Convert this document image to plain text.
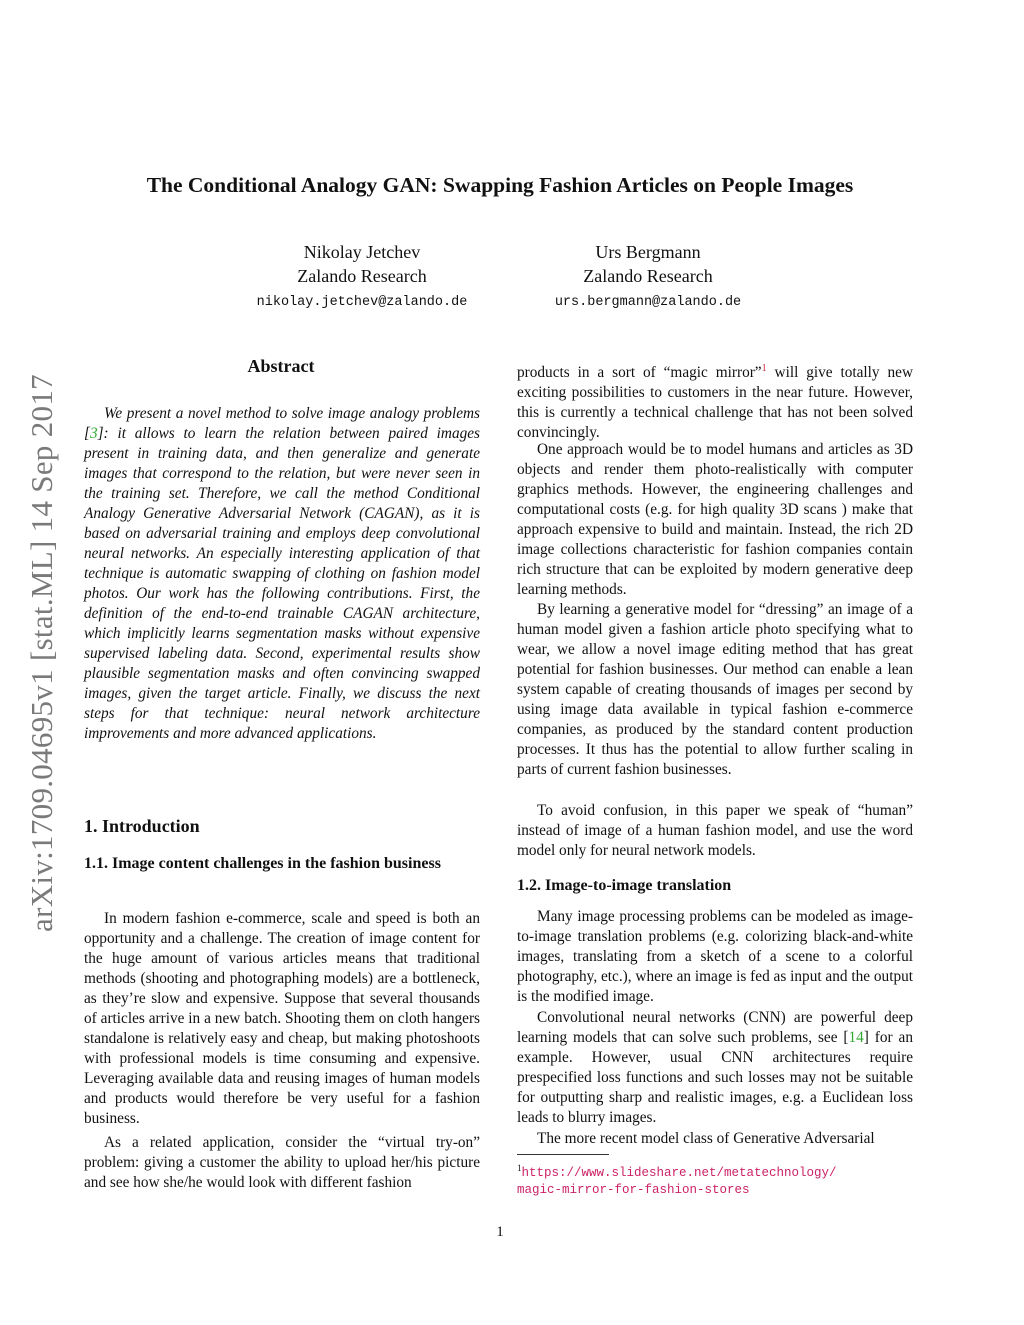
arXiv:1709.04695v1 [stat.ML] 14 Sep 2017
The Conditional Analogy GAN: Swapping Fashion Articles on People Images
Nikolay Jetchev
Zalando Research
nikolay.jetchev@zalando.de
Urs Bergmann
Zalando Research
urs.bergmann@zalando.de
Abstract

We present a novel method to solve image analogy problems [3]: it allows to learn the relation between paired images present in training data, and then generalize and generate images that correspond to the relation, but were never seen in the training set. Therefore, we call the method Conditional Analogy Generative Adversarial Network (CAGAN), as it is based on adversarial training and employs deep convolutional neural networks. An especially interesting application of that technique is automatic swapping of clothing on fashion model photos. Our work has the following contributions. First, the definition of the end-to-end trainable CAGAN architecture, which implicitly learns segmentation masks without expensive supervised labeling data. Second, experimental results show plausible segmentation masks and often convincing swapped images, given the target article. Finally, we discuss the next steps for that technique: neural network architecture improvements and more advanced applications.

1. Introduction
1.1. Image content challenges in the fashion business

In modern fashion e-commerce, scale and speed is both an opportunity and a challenge. The creation of image content for the huge amount of various articles means that traditional methods (shooting and photographing models) are a bottleneck, as they’re slow and expensive. Suppose that several thousands of articles arrive in a new batch. Shooting them on cloth hangers standalone is relatively easy and cheap, but making photoshoots with professional models is time consuming and expensive. Leveraging available data and reusing images of human models and products would therefore be very useful for a fashion business.

As a related application, consider the “virtual try-on” problem: giving a customer the ability to upload her/his picture and see how she/he would look with different fashion

products in a sort of “magic mirror”$^1$ will give totally new exciting possibilities to customers in the near future. However, this is currently a technical challenge that has not been solved convincingly.

One approach would be to model humans and articles as 3D objects and render them photo-realistically with computer graphics methods. However, the engineering challenges and computational costs (e.g. for high quality 3D scans ) make that approach expensive to build and maintain. Instead, the rich 2D image collections characteristic for fashion companies contain rich structure that can be exploited by modern generative deep learning methods.

By learning a generative model for “dressing” an image of a human model given a fashion article photo specifying what to wear, we allow a novel image editing method that has great potential for fashion businesses. Our method can enable a lean system capable of creating thousands of images per second by using image data available in typical fashion e-commerce companies, as produced by the standard content production processes. It thus has the potential to allow further scaling in parts of current fashion businesses.

To avoid confusion, in this paper we speak of “human” instead of image of a human fashion model, and use the word model only for neural network models.

1.2. Image-to-image translation

Many image processing problems can be modeled as image-to-image translation problems (e.g. colorizing black-and-white images, translating from a sketch of a scene to a colorful photography, etc.), where an image is fed as input and the output is the modified image.

Convolutional neural networks (CNN) are powerful deep learning models that can solve such problems, see [14] for an example. However, usual CNN architectures require prespecified loss functions and such losses may not be suitable for outputting sharp and realistic images, e.g. a Euclidean loss leads to blurry images.

The more recent model class of Generative Adversarial

$^1$https://www.slideshare.net/metatechnology/
magic-mirror-for-fashion-stores
1
